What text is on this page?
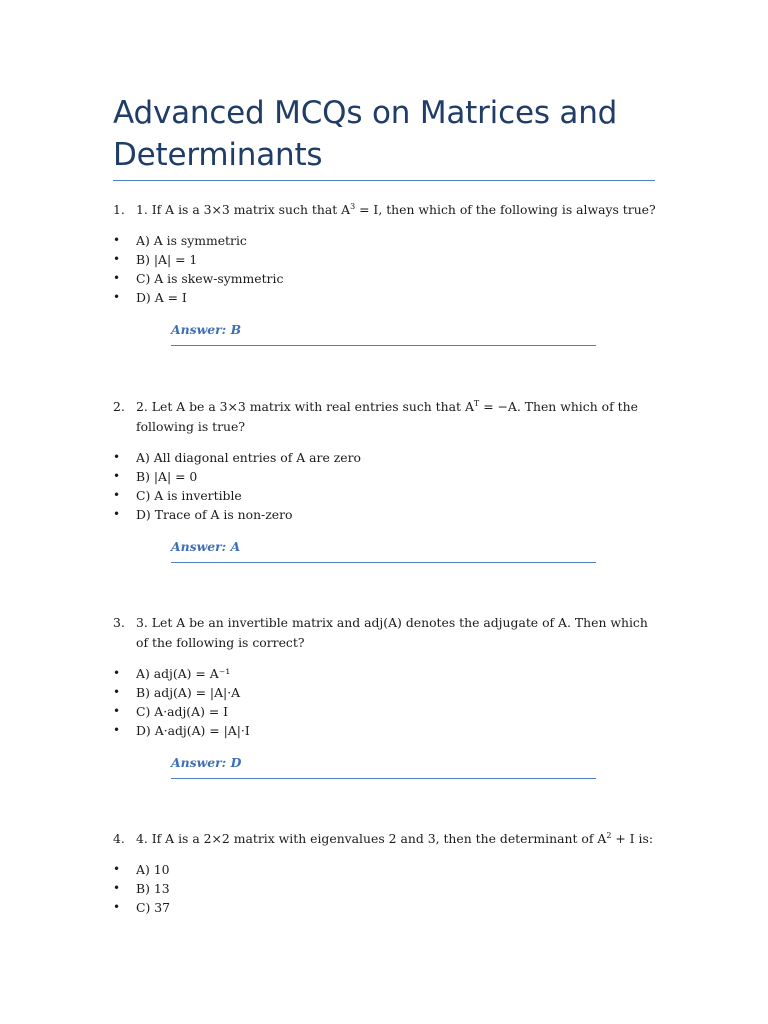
Advanced MCQs on Matrices and Determinants
1. 1. If A is a 3×3 matrix such that $A^3 = I$, then which of the following is always true?
• A) A is symmetric
• B) |A| = 1
• C) A is skew-symmetric
• D) A = I
Answer: B
2. 2. Let A be a 3×3 matrix with real entries such that $A^T = -A$. Then which of the following is true?
• A) All diagonal entries of A are zero
• B) |A| = 0
• C) A is invertible
• D) Trace of A is non-zero
Answer: A
3. 3. Let A be an invertible matrix and adj(A) denotes the adjugate of A. Then which of the following is correct?
• A) adj(A) = A⁻¹
• B) adj(A) = |A|·A
• C) A·adj(A) = I
• D) A·adj(A) = |A|·I
Answer: D
4. 4. If A is a 2×2 matrix with eigenvalues 2 and 3, then the determinant of $A^2 + I$ is:
• A) 10
• B) 13
• C) 37
